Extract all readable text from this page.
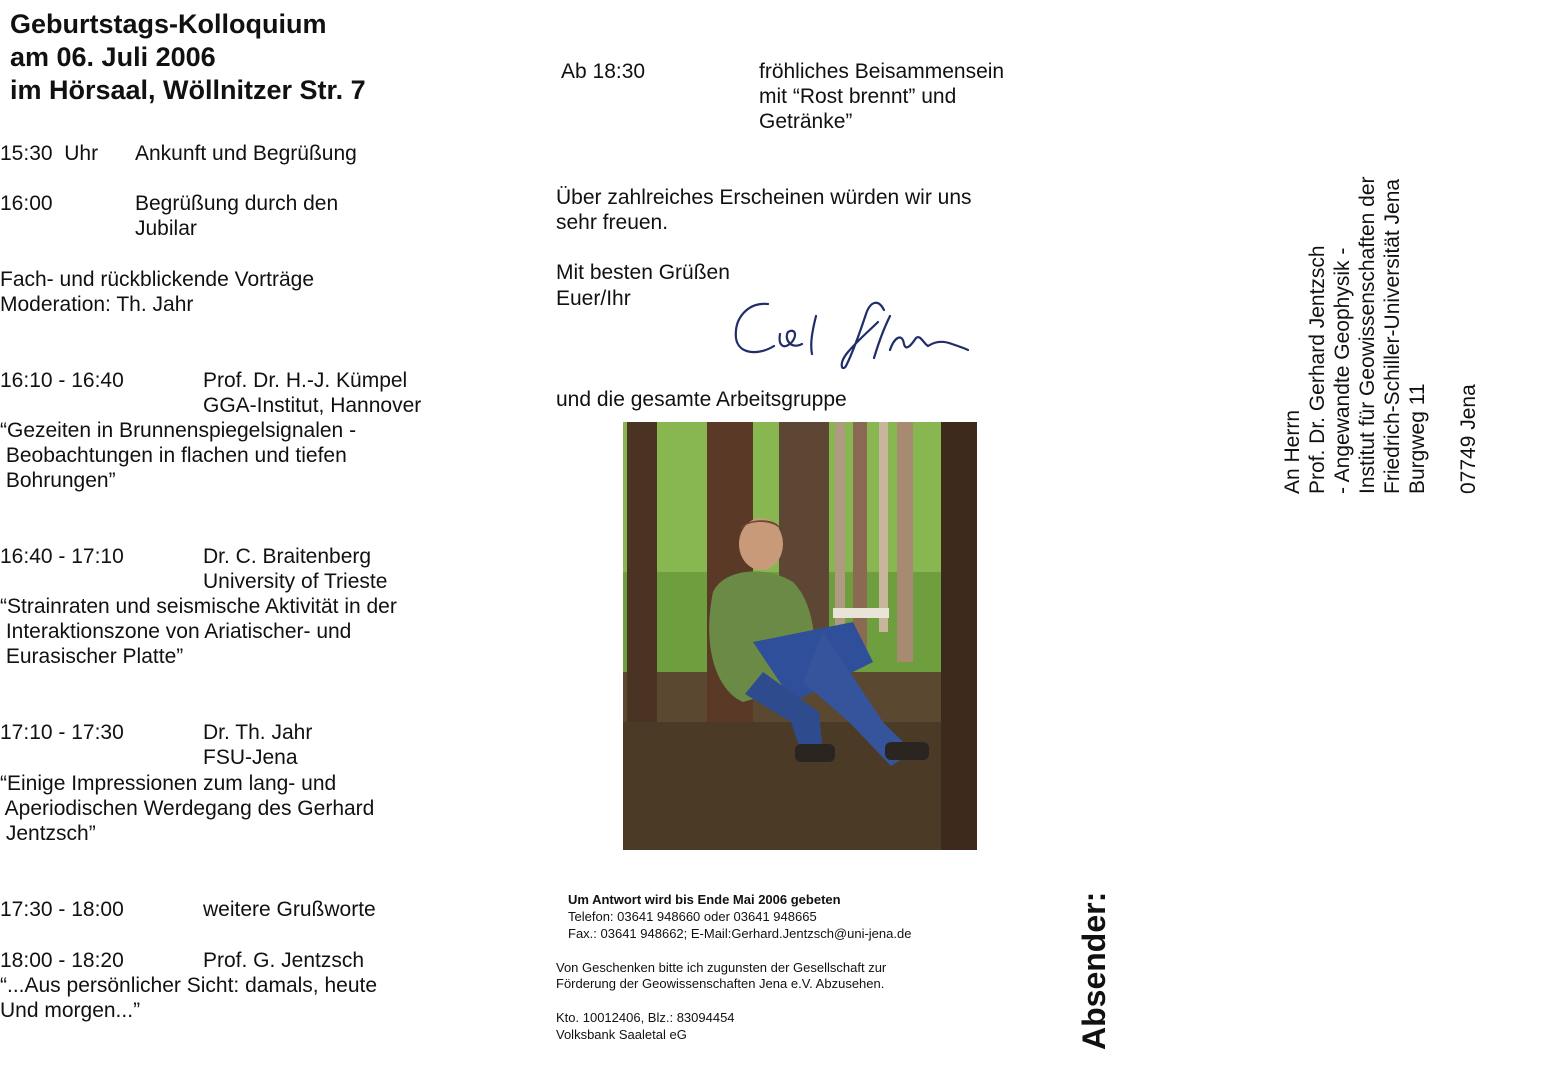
Geburtstags-Kolloquium
am 06. Juli 2006
im Hörsaal, Wöllnitzer Str. 7
15:30  Uhr Ankunft und Begrüßung
16:00	Begrüßung durch den
Jubilar
Fach- und rückblickende Vorträge
Moderation: Th. Jahr
16:10 - 16:40	Prof. Dr. H.-J. Kümpel
GGA-Institut, Hannover
“Gezeiten in Brunnenspiegelsignalen -
Beobachtungen in flachen und tiefen
Bohrungen”
16:40 - 17:10	Dr. C. Braitenberg
University of Trieste
“Strainraten und seismische Aktivität in der
Interaktionszone von Ariatischer- und
Eurasischer Platte”
17:10 - 17:30	Dr. Th. Jahr
FSU-Jena
“Einige Impressionen zum lang- und
Aperiodischen Werdegang des Gerhard
Jentzsch”
17:30 - 18:00	weitere Grußworte
18:00 - 18:20	Prof. G. Jentzsch
“...Aus persönlicher Sicht: damals, heute
Und morgen...”
Ab 18:30	fröhliches Beisammensein
mit “Rost brennt” und
Getränke”
Über zahlreiches Erscheinen würden wir uns
sehr freuen.
Mit besten Grüßen
Euer/Ihr
und die gesamte Arbeitsgruppe
Um Antwort wird bis Ende Mai 2006 gebeten
Telefon: 03641 948660 oder 03641 948665
Fax.: 03641 948662; E-Mail:Gerhard.Jentzsch@uni-jena.de
Von Geschenken bitte ich zugunsten der Gesellschaft zur
Förderung der Geowissenschaften Jena e.V. Abzusehen.
Kto. 10012406, Blz.: 83094454
Volksbank Saaletal eG	Absender:
An Herrn Prof. Dr. Gerhard Jentzsch - Angewandte Geophysik - Institut für Geowissenschaften der Friedrich-Schiller-Universität Jena Burgweg 11 07749 Jena
